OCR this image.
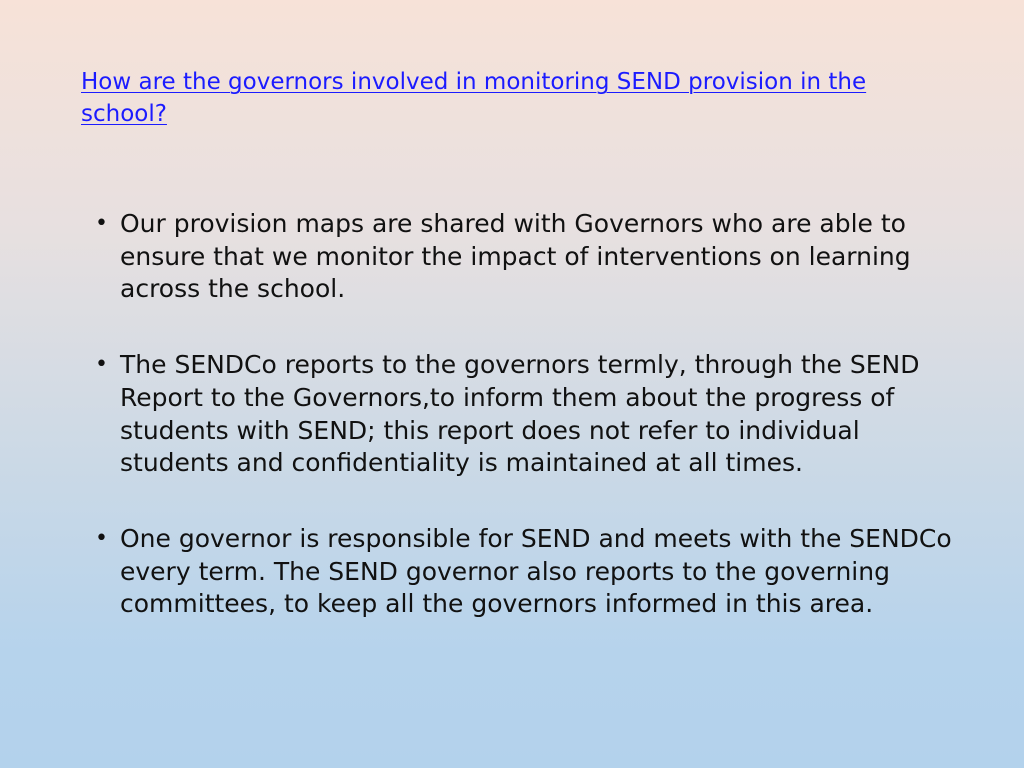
How are the governors involved in monitoring SEND provision in the school?
• Our provision maps are shared with Governors who are able to ensure that we monitor the impact of interventions on learning across the school.
• The SENDCo reports to the governors termly, through the SEND Report to the Governors,to inform them about the progress of students with SEND; this report does not refer to individual students and confidentiality is maintained at all times.
• One governor is responsible for SEND and meets with the SENDCo every term. The SEND governor also reports to the governing committees, to keep all the governors informed in this area.
